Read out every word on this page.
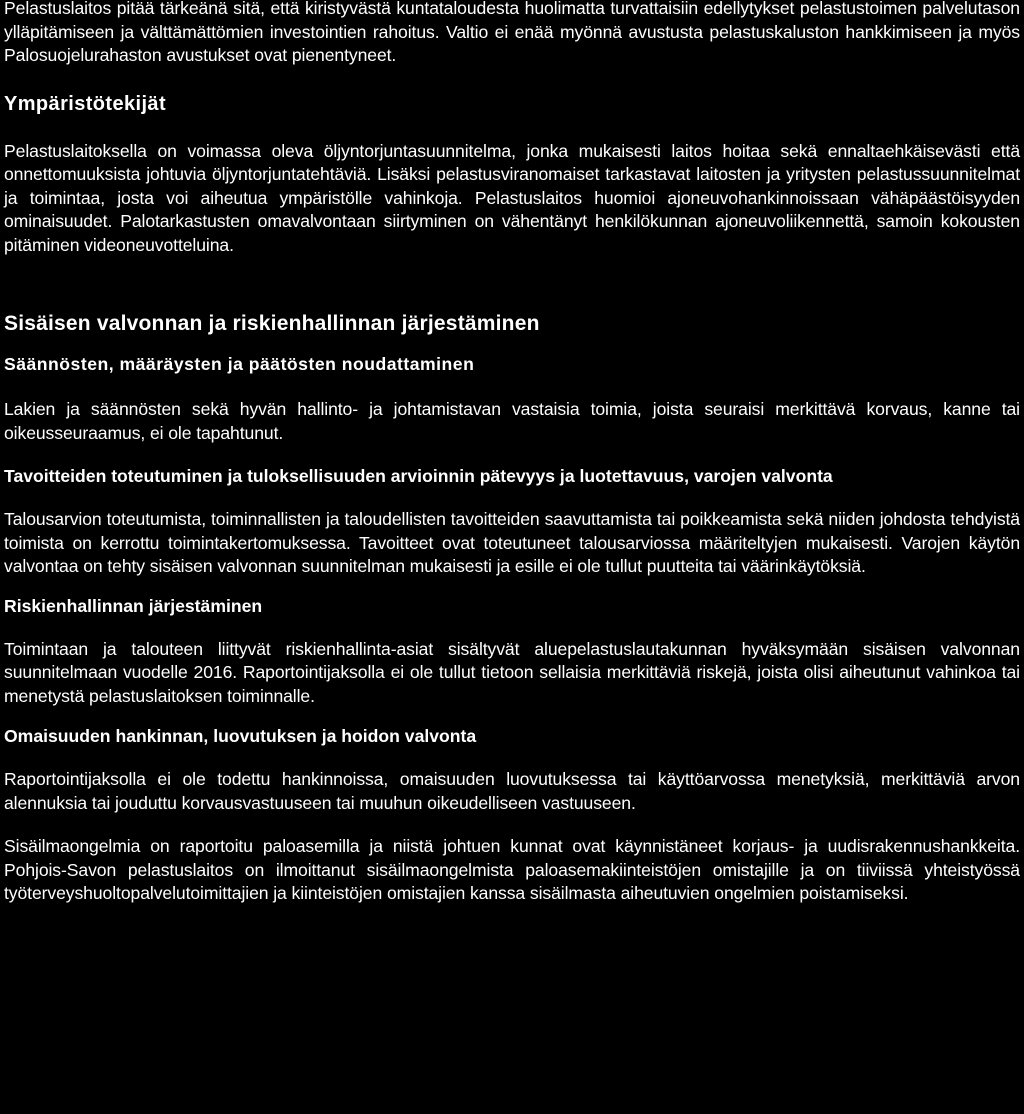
Pelastuslaitos pitää tärkeänä sitä, että kiristyvästä kuntataloudesta huolimatta turvattaisiin edellytykset pelastustoimen palvelutason ylläpitämiseen ja välttämättömien investointien rahoitus. Valtio ei enää myönnä avustusta pelastuskaluston hankkimiseen ja myös Palosuojelurahaston avustukset ovat pienentyneet.

Ympäristötekijät

Pelastuslaitoksella on voimassa oleva öljyntorjuntasuunnitelma, jonka mukaisesti laitos hoitaa sekä ennaltaehkäisevästi että onnettomuuksista johtuvia öljyntorjuntatehtäviä. Lisäksi pelastusviranomaiset tarkastavat laitosten ja yritysten pelastussuunnitelmat ja toimintaa, josta voi aiheutua ympäristölle vahinkoja. Pelastuslaitos huomioi ajoneuvohankinnoissaan vähäpäästöisyyden ominaisuudet. Palotarkastusten omavalvontaan siirtyminen on vähentänyt henkilökunnan ajoneuvoliikennettä, samoin kokousten pitäminen videoneuvotteluina.

Sisäisen valvonnan ja riskienhallinnan järjestäminen
Säännösten, määräysten ja päätösten noudattaminen

Lakien ja säännösten sekä hyvän hallinto- ja johtamistavan vastaisia toimia, joista seuraisi merkittävä korvaus, kanne tai oikeusseuraamus, ei ole tapahtunut.

Tavoitteiden toteutuminen ja tuloksellisuuden arvioinnin pätevyys ja luotettavuus, varojen valvonta

Talousarvion toteutumista, toiminnallisten ja taloudellisten tavoitteiden saavuttamista tai poikkeamista sekä niiden johdosta tehdyistä toimista on kerrottu toimintakertomuksessa. Tavoitteet ovat toteutuneet talousarviossa määriteltyjen mukaisesti. Varojen käytön valvontaa on tehty sisäisen valvonnan suunnitelman mukaisesti ja esille ei ole tullut puutteita tai väärinkäytöksiä.

Riskienhallinnan järjestäminen

Toimintaan ja talouteen liittyvät riskienhallinta-asiat sisältyvät aluepelastuslautakunnan hyväksymään sisäisen valvonnan suunnitelmaan vuodelle 2016. Raportointijaksolla ei ole tullut tietoon sellaisia merkittäviä riskejä, joista olisi aiheutunut vahinkoa tai menetystä pelastuslaitoksen toiminnalle.

Omaisuuden hankinnan, luovutuksen ja hoidon valvonta

Raportointijaksolla ei ole todettu hankinnoissa, omaisuuden luovutuksessa tai käyttöarvossa menetyksiä, merkittäviä arvon alennuksia tai jouduttu korvausvastuuseen tai muuhun oikeudelliseen vastuuseen.

Sisäilmaongelmia on raportoitu paloasemilla ja niistä johtuen kunnat ovat käynnistäneet korjaus- ja uudisrakennushankkeita. Pohjois-Savon pelastuslaitos on ilmoittanut sisäilmaongelmista paloasemakiinteistöjen omistajille ja on tiiviissä yhteistyössä työterveyshuoltopalvelutoimittajien ja kiinteistöjen omistajien kanssa sisäilmasta aiheutuvien ongelmien poistamiseksi.
